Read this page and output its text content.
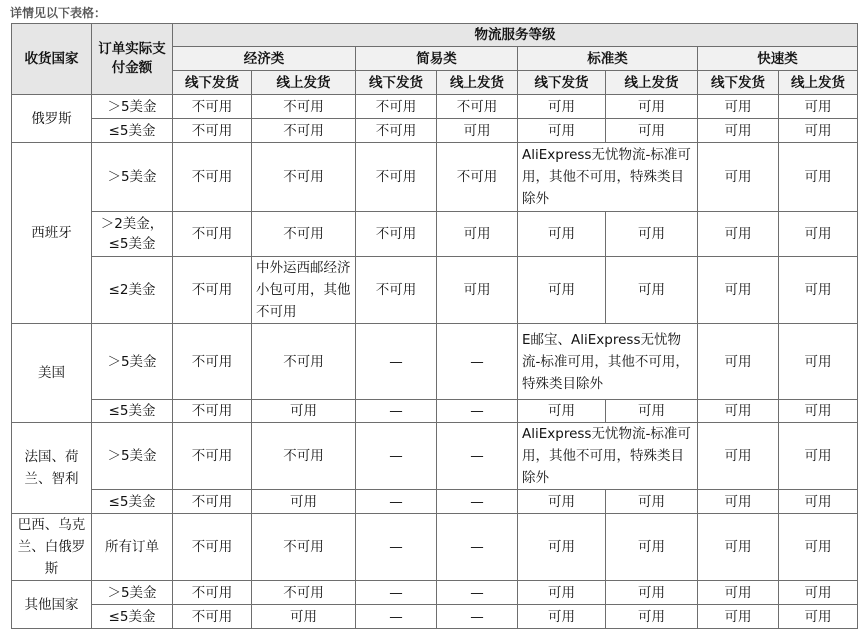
详情见以下表格：
收货国家	订单实际支付金额	物流服务等级							
		经济类		简易类		标准类		快速类	
		线下发货	线上发货	线下发货	线上发货	线下发货	线上发货	线下发货	线上发货
俄罗斯	＞5美金	不可用	不可用	不可用	不可用	可用	可用	可用	可用
	≤5美金	不可用	不可用	不可用	可用	可用	可用	可用	可用
西班牙	＞5美金	不可用	不可用	不可用	不可用	AliExpress无忧物流-标准可用，其他不可用，特殊类目除外		可用	可用
	＞2美金，≤5美金	不可用	不可用	不可用	可用	可用	可用	可用	可用
	≤2美金	不可用	中外运西邮经济小包可用，其他不可用	不可用	可用	可用	可用	可用	可用
美国	＞5美金	不可用	不可用	—	—	E邮宝、AliExpress无忧物流-标准可用，其他不可用，特殊类目除外		可用	可用
	≤5美金	不可用	可用	—	—	可用	可用	可用	可用
法国、荷兰、智利	＞5美金	不可用	不可用	—	—	AliExpress无忧物流-标准可用，其他不可用，特殊类目除外		可用	可用
	≤5美金	不可用	可用	—	—	可用	可用	可用	可用
巴西、乌克兰、白俄罗斯	所有订单	不可用	不可用	—	—	可用	可用	可用	可用
其他国家	＞5美金	不可用	不可用	—	—	可用	可用	可用	可用
	≤5美金	不可用	可用	—	—	可用	可用	可用	可用
